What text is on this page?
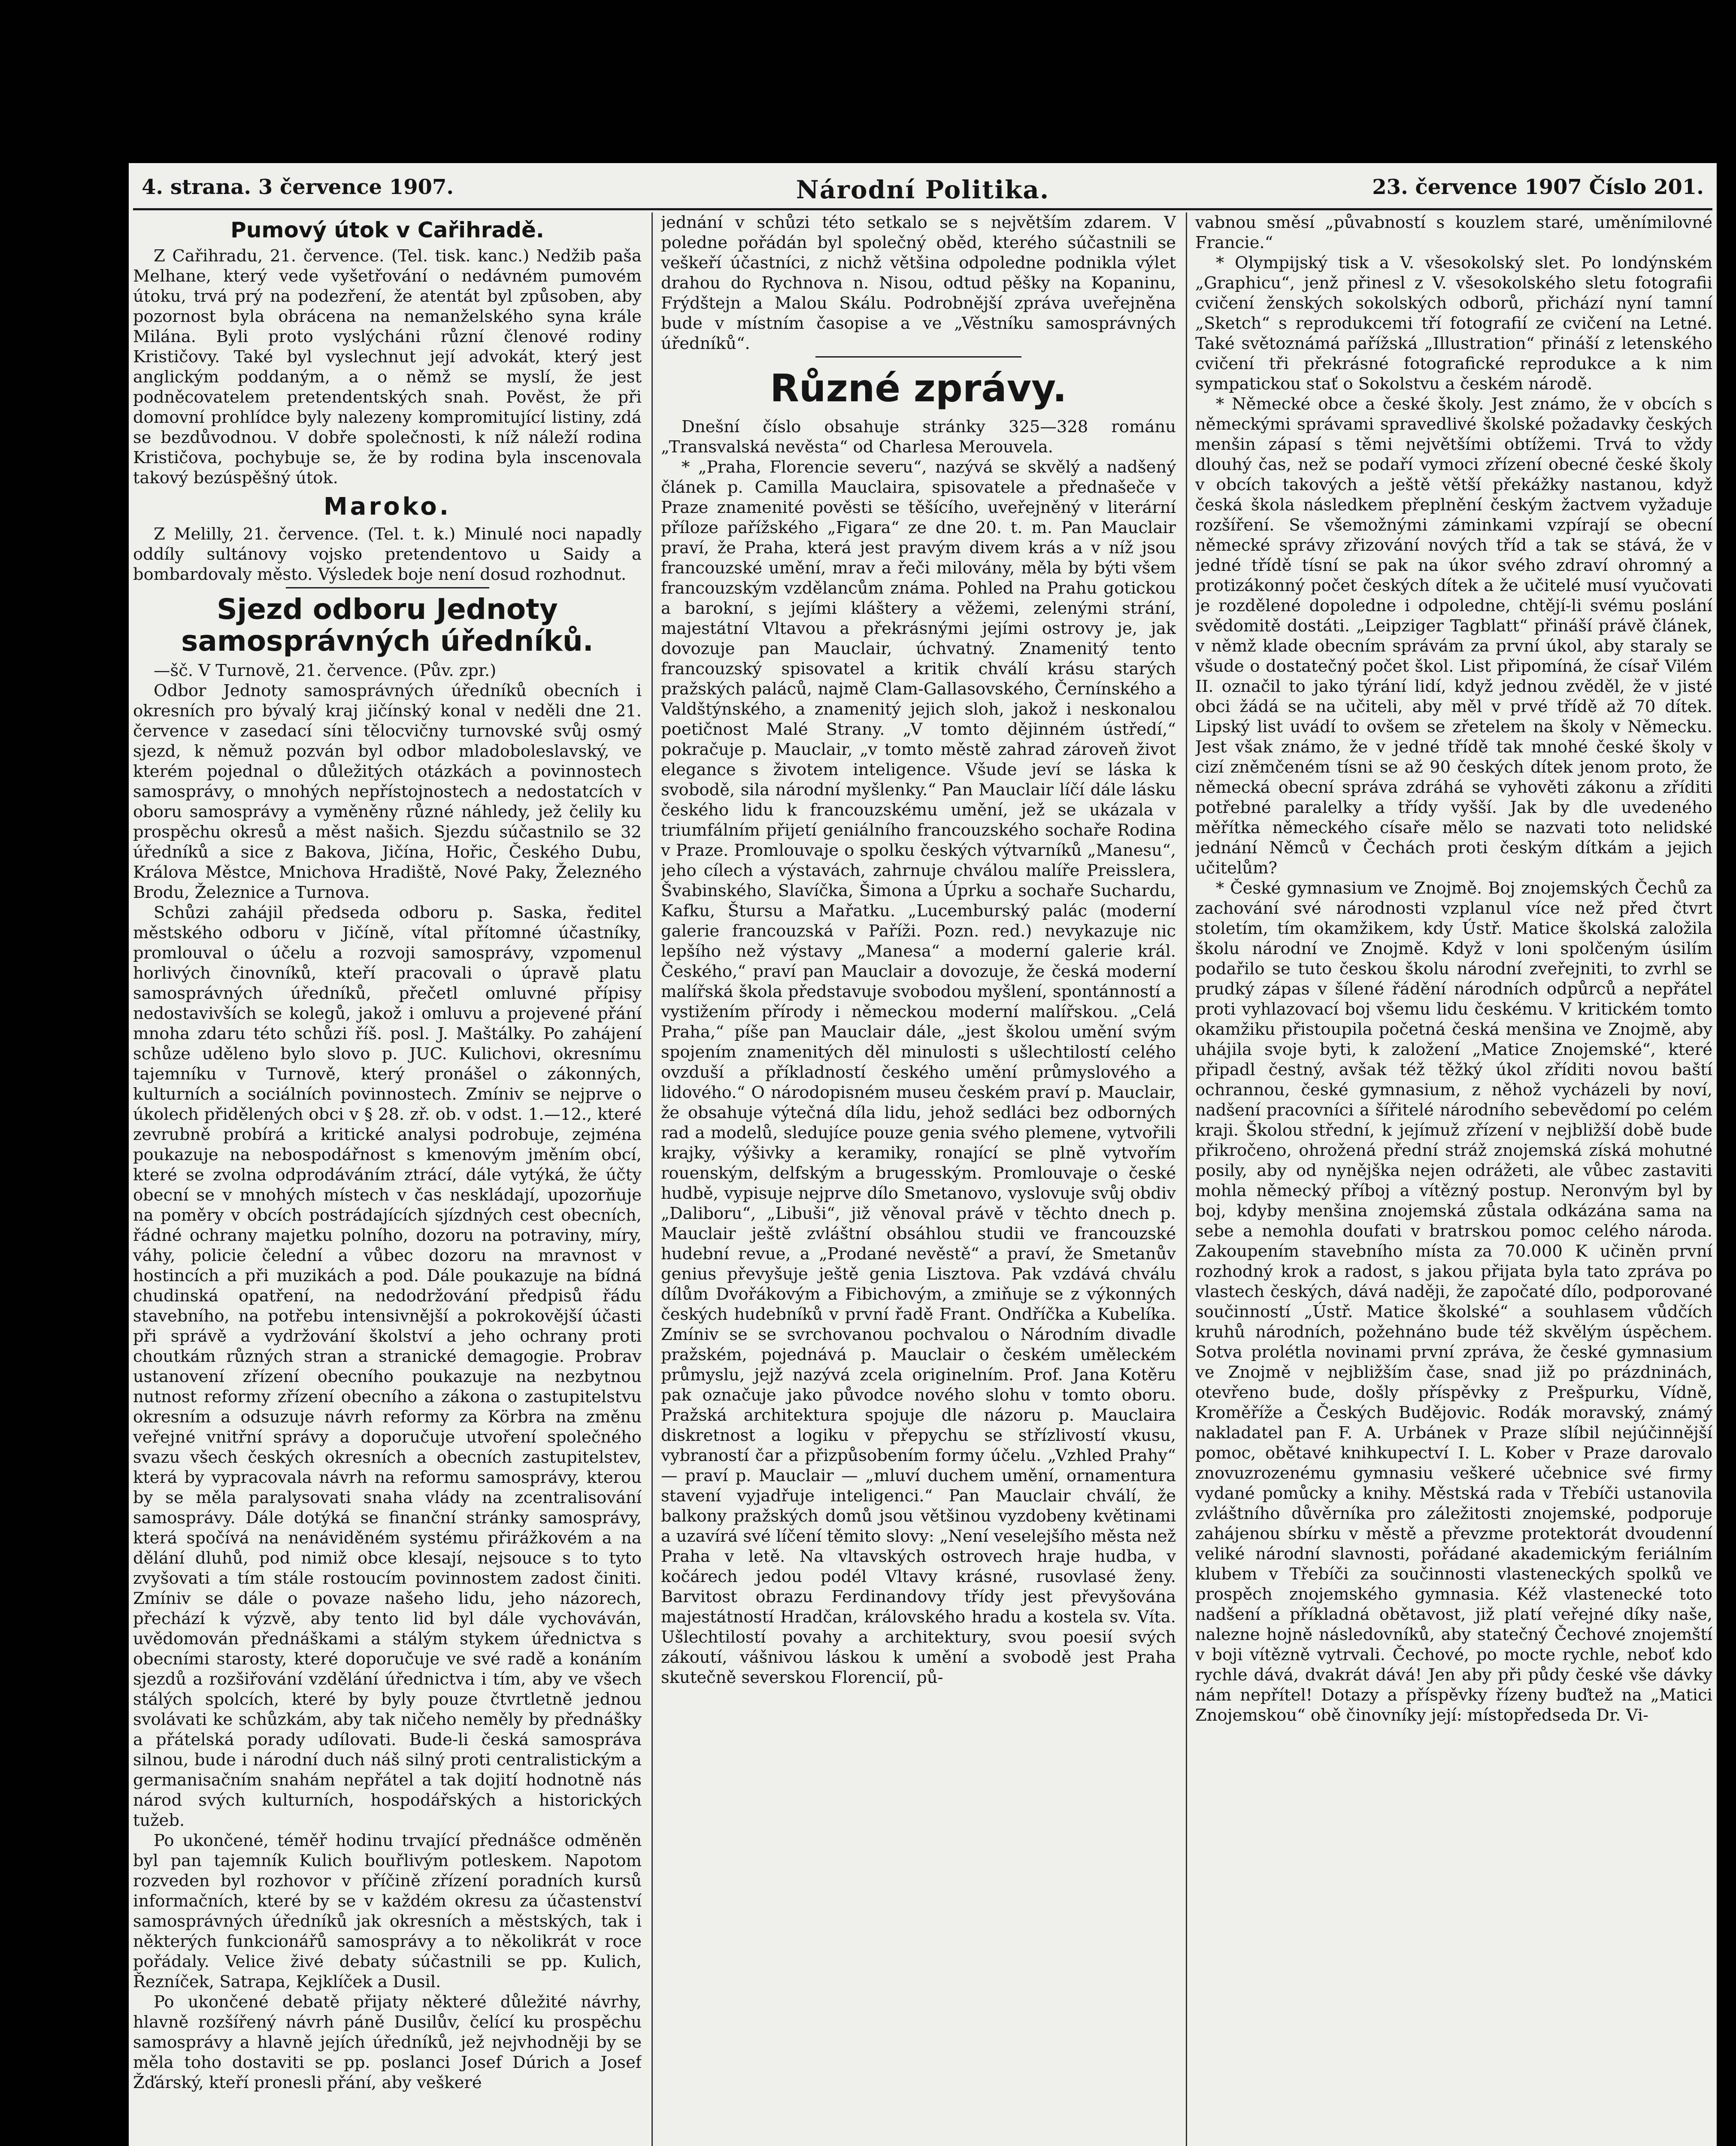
4. strana. 3 července 1907.	Národní Politika.	23. července 1907 Číslo 201.
Pumový útok v Cařihradě.

Z Cařihradu, 21. července. (Tel. tisk. kanc.) Nedžib paša Melhane, který vede vyšetřování o nedávném pumovém útoku, trvá prý na podezření, že atentát byl způsoben, aby pozornost byla obrácena na nemanželského syna krále Milána. Byli proto vyslýcháni různí členové rodiny Krističovy. Také byl vyslechnut její advokát, který jest anglickým poddaným, a o němž se myslí, že jest podněcovatelem pretendentských snah. Pověst, že při domovní prohlídce byly nalezeny kompromitující listiny, zdá se bezdůvodnou. V dobře společnosti, k níž náleží rodina Krističova, pochybuje se, že by rodina byla inscenovala takový bezúspěšný útok.

Maroko.

Z Melilly, 21. července. (Tel. t. k.) Minulé noci napadly oddíly sultánovy vojsko pretendentovo u Saidy a bombardovaly město. Výsledek boje není dosud rozhodnut.

Sjezd odboru Jednoty samosprávných úředníků.

—šč. V Turnově, 21. července. (Pův. zpr.)

Odbor Jednoty samosprávných úředníků obecních i okresních pro bývalý kraj jičínský konal v neděli dne 21. července v zasedací síni tělocvičny turnovské svůj osmý sjezd, k němuž pozván byl odbor mladoboleslavský, ve kterém pojednal o důležitých otázkách a povinnostech samosprávy, o mnohých nepřístojnostech a nedostatcích v oboru samosprávy a vyměněny různé náhledy, jež čelily ku prospěchu okresů a měst našich. Sjezdu súčastnilo se 32 úředníků a sice z Bakova, Jičína, Hořic, Českého Dubu, Králova Městce, Mnichova Hradiště, Nové Paky, Železného Brodu, Železnice a Turnova.

Schůzi zahájil předseda odboru p. Saska, ředitel městského odboru v Jičíně, vítal přítomné účastníky, promlouval o účelu a rozvoji samosprávy, vzpomenul horlivých činovníků, kteří pracovali o úpravě platu samosprávných úředníků, přečetl omluvné přípisy nedostavivších se kolegů, jakož i omluvu a projevené přání mnoha zdaru této schůzi říš. posl. J. Maštálky. Po zahájení schůze uděleno bylo slovo p. JUC. Kulichovi, okresnímu tajemníku v Turnově, který pronášel o zákonných, kulturních a sociálních povinnostech. Zmíniv se nejprve o úkolech přidělených obci v § 28. zř. ob. v odst. 1.—12., které zevrubně probírá a kritické analysi podrobuje, zejména poukazuje na nebospodářnost s kmenovým jměním obcí, které se zvolna odprodáváním ztrácí, dále vytýká, že účty obecní se v mnohých místech v čas neskládají, upozorňuje na poměry v obcích postrádajících sjízdných cest obecních, řádné ochrany majetku polního, dozoru na potraviny, míry, váhy, policie čelední a vůbec dozoru na mravnost v hostincích a při muzikách a pod. Dále poukazuje na bídná chudinská opatření, na nedodržování předpisů řádu stavebního, na potřebu intensivnější a pokrokovější účasti při správě a vydržování školství a jeho ochrany proti choutkám různých stran a stranické demagogie. Probrav ustanovení zřízení obecního poukazuje na nezbytnou nutnost reformy zřízení obecního a zákona o zastupitelstvu okresním a odsuzuje návrh reformy za Körbra na změnu veřejné vnitřní správy a doporučuje utvoření společného svazu všech českých okresních a obecních zastupitelstev, která by vypracovala návrh na reformu samosprávy, kterou by se měla paralysovati snaha vlády na zcentralisování samosprávy. Dále dotýká se finanční stránky samosprávy, která spočívá na nenáviděném systému přirážkovém a na dělání dluhů, pod nimiž obce klesají, nejsouce s to tyto zvyšovati a tím stále rostoucím povinnostem zadost činiti. Zmíniv se dále o povaze našeho lidu, jeho názorech, přechází k výzvě, aby tento lid byl dále vychováván, uvědomován přednáškami a stálým stykem úřednictva s obecními starosty, které doporučuje ve své radě a konáním sjezdů a rozšiřování vzdělání úřednictva i tím, aby ve všech stálých spolcích, které by byly pouze čtvrtletně jednou svolávati ke schůzkám, aby tak ničeho neměly by přednášky a přátelská porady udílovati. Bude-li česká samospráva silnou, bude i národní duch náš silný proti centralistickým a germanisačním snahám nepřátel a tak dojití hodnotně nás národ svých kulturních, hospodářských a historických tužeb.

Po ukončené, téměř hodinu trvající přednášce odměněn byl pan tajemník Kulich bouřlivým potleskem. Napotom rozveden byl rozhovor v příčině zřízení poradních kursů informačních, které by se v každém okresu za účastenství samosprávných úředníků jak okresních a městských, tak i některých funkcionářů samosprávy a to několikrát v roce pořádaly. Velice živé debaty súčastnili se pp. Kulich, Řezníček, Satrapa, Kejklíček a Dusil.

Po ukončené debatě přijaty některé důležité návrhy, hlavně rozšířený návrh páně Dusilův, čelící ku prospěchu samosprávy a hlavně jejích úředníků, jež nejvhodněji by se měla toho dostaviti se pp. poslanci Josef Dúrich a Josef Žďárský, kteří pronesli přání, aby veškeré

jednání v schůzi této setkalo se s největším zdarem. V poledne pořádán byl společný oběd, kterého súčastnili se veškeří účastníci, z nichž většina odpoledne podnikla výlet drahou do Rychnova n. Nisou, odtud pěšky na Kopaninu, Frýdštejn a Malou Skálu. Podrobnější zpráva uveřejněna bude v místním časopise a ve „Věstníku samosprávných úředníků“.

Různé zprávy.

Dnešní číslo obsahuje stránky 325—328 románu „Transvalská nevěsta“ od Charlesa Merouvela.

* „Praha, Florencie severu“, nazývá se skvělý a nadšený článek p. Camilla Mauclaira, spisovatele a přednašeče v Praze znamenité pověsti se těšícího, uveřejněný v literární příloze pařížského „Figara“ ze dne 20. t. m. Pan Mauclair praví, že Praha, která jest pravým divem krás a v níž jsou francouzské umění, mrav a řeči milovány, měla by býti všem francouzským vzdělancům známa. Pohled na Prahu gotickou a barokní, s jejími kláštery a věžemi, zelenými strání, majestátní Vltavou a překrásnými jejími ostrovy je, jak dovozuje pan Mauclair, úchvatný. Znamenitý tento francouzský spisovatel a kritik chválí krásu starých pražských paláců, najmě Clam-Gallasovského, Černínského a Valdštýnského, a znamenitý jejich sloh, jakož i neskonalou poetičnost Malé Strany. „V tomto dějinném ústředí,“ pokračuje p. Mauclair, „v tomto městě zahrad zároveň život elegance s životem inteligence. Všude jeví se láska k svobodě, sila národní myšlenky.“ Pan Mauclair líčí dále lásku českého lidu k francouzskému umění, jež se ukázala v triumfálním přijetí geniálního francouzského sochaře Rodina v Praze. Promlouvaje o spolku českých výtvarníků „Manesu“, jeho cílech a výstavách, zahrnuje chválou malíře Preisslera, Švabinského, Slavíčka, Šimona a Úprku a sochaře Suchardu, Kafku, Štursu a Mařatku. „Lucemburský palác (moderní galerie francouzská v Paříži. Pozn. red.) nevykazuje nic lepšího než výstavy „Manesa“ a moderní galerie král. Českého,“ praví pan Mauclair a dovozuje, že česká moderní malířská škola představuje svobodou myšlení, spontánností a vystižením přírody i německou moderní malířskou. „Celá Praha,“ píše pan Mauclair dále, „jest školou umění svým spojením znamenitých děl minulosti s ušlechtilostí celého ovzduší a příkladností českého umění průmyslového a lidového.“ O národopisném museu českém praví p. Mauclair, že obsahuje výtečná díla lidu, jehož sedláci bez odborných rad a modelů, sledujíce pouze genia svého plemene, vytvořili krajky, výšivky a keramiky, ronající se plně vytvořím rouenským, delfským a brugesským. Promlouvaje o české hudbě, vypisuje nejprve dílo Smetanovo, vyslovuje svůj obdiv „Daliboru“, „Libuši“, již věnoval právě v těchto dnech p. Mauclair ještě zvláštní obsáhlou studii ve francouzské hudební revue, a „Prodané nevěstě“ a praví, že Smetanův genius převyšuje ještě genia Lisztova. Pak vzdává chválu dílům Dvořákovým a Fibichovým, a zmiňuje se z výkonných českých hudebníků v první řadě Frant. Ondříčka a Kubelíka. Zmíniv se se svrchovanou pochvalou o Národním divadle pražském, pojednává p. Mauclair o českém uměleckém průmyslu, jejž nazývá zcela originelním. Prof. Jana Kotěru pak označuje jako původce nového slohu v tomto oboru. Pražská architektura spojuje dle názoru p. Mauclaira diskretnost a logiku v přepychu se střízlivostí vkusu, vybraností čar a přizpůsobením formy účelu. „Vzhled Prahy“ — praví p. Mauclair — „mluví duchem umění, ornamentura stavení vyjadřuje inteligenci.“ Pan Mauclair chválí, že balkony pražských domů jsou většinou vyzdobeny květinami a uzavírá své líčení těmito slovy: „Není veselejšího města než Praha v letě. Na vltavských ostrovech hraje hudba, v kočárech jedou podél Vltavy krásné, rusovlasé ženy. Barvitost obrazu Ferdinandovy třídy jest převyšována majestátností Hradčan, královského hradu a kostela sv. Víta. Ušlechtilostí povahy a architektury, svou poesií svých zákoutí, vášnivou láskou k umění a svobodě jest Praha skutečně severskou Florencií, pů-

vabnou směsí „půvabností s kouzlem staré, uměnímilovné Francie.“

* Olympijský tisk a V. všesokolský slet. Po londýnském „Graphicu“, jenž přinesl z V. všesokolského sletu fotografii cvičení ženských sokolských odborů, přichází nyní tamní „Sketch“ s reprodukcemi tří fotografií ze cvičení na Letné. Také světoznámá pařížská „Illustration“ přináší z letenského cvičení tři překrásné fotografické reprodukce a k nim sympatickou stať o Sokolstvu a českém národě.

* Německé obce a české školy. Jest známo, že v obcích s německými správami spravedlivé školské požadavky českých menšin zápasí s těmi největšími obtížemi. Trvá to vždy dlouhý čas, než se podaří vymoci zřízení obecné české školy v obcích takových a ještě větší překážky nastanou, když česká škola následkem přeplnění českým žactvem vyžaduje rozšíření. Se všemožnými záminkami vzpírají se obecní německé správy zřizování nových tříd a tak se stává, že v jedné třídě tísní se pak na úkor svého zdraví ohromný a protizákonný počet českých dítek a že učitelé musí vyučovati je rozdělené dopoledne i odpoledne, chtějí-li svému poslání svědomitě dostáti. „Leipziger Tagblatt“ přináší právě článek, v němž klade obecním správám za první úkol, aby staraly se všude o dostatečný počet škol. List připomíná, že císař Vilém II. označil to jako týrání lidí, když jednou zvěděl, že v jisté obci žádá se na učiteli, aby měl v prvé třídě až 70 dítek. Lipský list uvádí to ovšem se zřetelem na školy v Německu. Jest však známo, že v jedné třídě tak mnohé české školy v cizí zněmčeném tísni se až 90 českých dítek jenom proto, že německá obecní správa zdráhá se vyhověti zákonu a zříditi potřebné paralelky a třídy vyšší. Jak by dle uvedeného měřítka německého císaře mělo se nazvati toto nelidské jednání Němců v Čechách proti českým dítkám a jejich učitelům?

* České gymnasium ve Znojmě. Boj znojemských Čechů za zachování své národnosti vzplanul více než před čtvrt stoletím, tím okamžikem, kdy Ústř. Matice školská založila školu národní ve Znojmě. Když v loni spolčeným úsilím podařilo se tuto českou školu národní zveřejniti, to zvrhl se prudký zápas v šílené řádění národních odpůrců a nepřátel proti vyhlazovací boj všemu lidu českému. V kritickém tomto okamžiku přistoupila početná česká menšina ve Znojmě, aby uhájila svoje byti, k založení „Matice Znojemské“, které připadl čestný, avšak též těžký úkol zříditi novou baští ochrannou, české gymnasium, z něhož vycházeli by noví, nadšení pracovníci a šířitelé národního sebevědomí po celém kraji. Školou střední, k jejímuž zřízení v nejbližší době bude přikročeno, ohrožená přední stráž znojemská získá mohutné posily, aby od nynějška nejen odrážeti, ale vůbec zastaviti mohla německý příboj a vítězný postup. Neronvým byl by boj, kdyby menšina znojemská zůstala odkázána sama na sebe a nemohla doufati v bratrskou pomoc celého národa. Zakoupením stavebního místa za 70.000 K učiněn první rozhodný krok a radost, s jakou přijata byla tato zpráva po vlastech českých, dává naději, že započaté dílo, podporované součinností „Ústř. Matice školské“ a souhlasem vůdčích kruhů národních, požehnáno bude též skvělým úspěchem. Sotva prolétla novinami první zpráva, že české gymnasium ve Znojmě v nejbližším čase, snad již po prázdninách, otevřeno bude, došly příspěvky z Prešpurku, Vídně, Kroměříže a Českých Budějovic. Rodák moravský, známý nakladatel pan F. A. Urbánek v Praze slíbil nejúčinnější pomoc, obětavé knihkupectví I. L. Kober v Praze darovalo znovuzrozenému gymnasiu veškeré učebnice své firmy vydané pomůcky a knihy. Městská rada v Třebíči ustanovila zvláštního důvěrníka pro záležitosti znojemské, podporuje zahájenou sbírku v městě a převzme protektorát dvoudenní veliké národní slavnosti, pořádané akademickým feriálním klubem v Třebíči za součinnosti vlasteneckých spolků ve prospěch znojemského gymnasia. Kéž vlastenecké toto nadšení a příkladná obětavost, již platí veřejné díky naše, nalezne hojně následovníků, aby statečný Čechové znojemští v boji vítězně vytrvali. Čechové, po mocte rychle, neboť kdo rychle dává, dvakrát dává! Jen aby při půdy české vše dávky nám nepřítel! Dotazy a příspěvky řízeny buďtež na „Matici Znojemskou“ obě činovníky její: místopředseda Dr. Vi-
